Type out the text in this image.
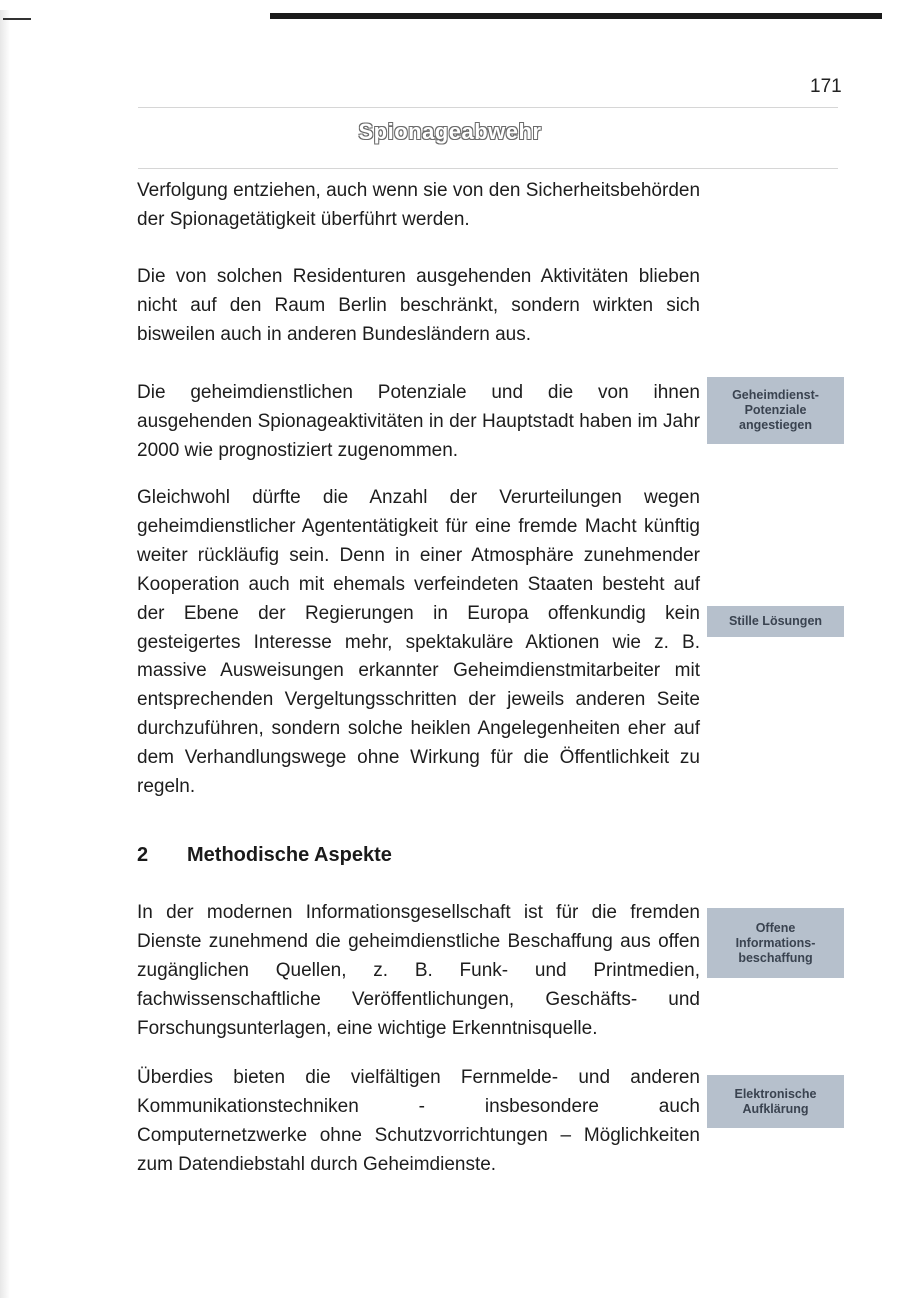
171
Spionageabwehr

Verfolgung entziehen, auch wenn sie von den Sicherheitsbehörden der Spionagetätigkeit überführt werden.

Die von solchen Residenturen ausgehenden Aktivitäten blieben nicht auf den Raum Berlin beschränkt, sondern wirkten sich bisweilen auch in anderen Bundesländern aus.

Die geheimdienstlichen Potenziale und die von ihnen ausgehenden Spionageaktivitäten in der Hauptstadt haben im Jahr 2000 wie prognostiziert zugenommen.

Geheimdienst-
Potenziale
angestiegen

Gleichwohl dürfte die Anzahl der Verurteilungen wegen geheimdienstlicher Agententätigkeit für eine fremde Macht künftig weiter rückläufig sein. Denn in einer Atmosphäre zunehmender Kooperation auch mit ehemals verfeindeten Staaten besteht auf der Ebene der Regierungen in Europa offenkundig kein gesteigertes Interesse mehr, spektakuläre Aktionen wie z. B. massive Ausweisungen erkannter Geheimdienstmitarbeiter mit entsprechenden Vergeltungsschritten der jeweils anderen Seite durchzuführen, sondern solche heiklen Angelegenheiten eher auf dem Verhandlungswege ohne Wirkung für die Öffentlichkeit zu regeln.

Stille Lösungen
2 Methodische Aspekte

In der modernen Informationsgesellschaft ist für die fremden Dienste zunehmend die geheimdienstliche Beschaffung aus offen zugänglichen Quellen, z. B. Funk- und Printmedien, fachwissenschaftliche Veröffentlichungen, Geschäfts- und Forschungsunterlagen, eine wichtige Erkenntnisquelle.

Offene
Informations-
beschaffung

Überdies bieten die vielfältigen Fernmelde- und anderen Kommunikationstechniken - insbesondere auch Computernetzwerke ohne Schutzvorrichtungen – Möglichkeiten zum Datendiebstahl durch Geheimdienste.

Elektronische
Aufklärung
